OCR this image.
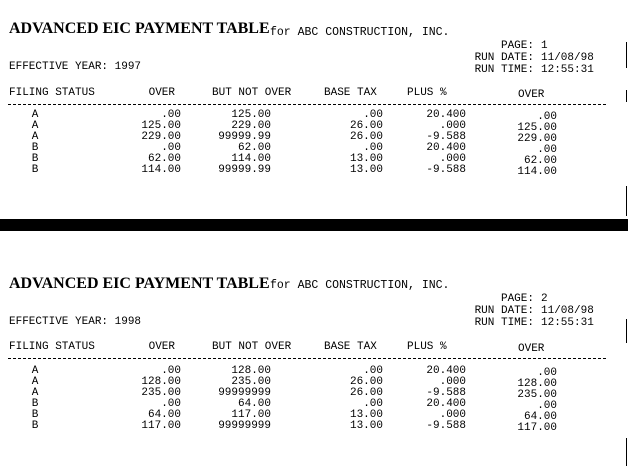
ADVANCED EIC PAYMENT TABLE for ABC CONSTRUCTION, INC.
PAGE: 1
RUN DATE: 11/08/98
RUN TIME: 12:55:31
EFFECTIVE YEAR: 1997
FILING STATUS	OVER	BUT NOT OVER	BASE TAX	PLUS %	OVER
A	.00	125.00	.00	20.400	.00
A	125.00	229.00	26.00	.000	125.00
A	229.00	99999.99	26.00	-9.588	229.00
B	.00	62.00	.00	20.400	.00
B	62.00	114.00	13.00	.000	62.00
B	114.00	99999.99	13.00	-9.588	114.00
ADVANCED EIC PAYMENT TABLE for ABC CONSTRUCTION, INC.
PAGE: 2
RUN DATE: 11/08/98
RUN TIME: 12:55:31
EFFECTIVE YEAR: 1998
FILING STATUS	OVER	BUT NOT OVER	BASE TAX	PLUS %	OVER
A	.00	128.00	.00	20.400	.00
A	128.00	235.00	26.00	.000	128.00
A	235.00	99999999	26.00	-9.588	235.00
B	.00	64.00	.00	20.400	.00
B	64.00	117.00	13.00	.000	64.00
B	117.00	99999999	13.00	-9.588	117.00
